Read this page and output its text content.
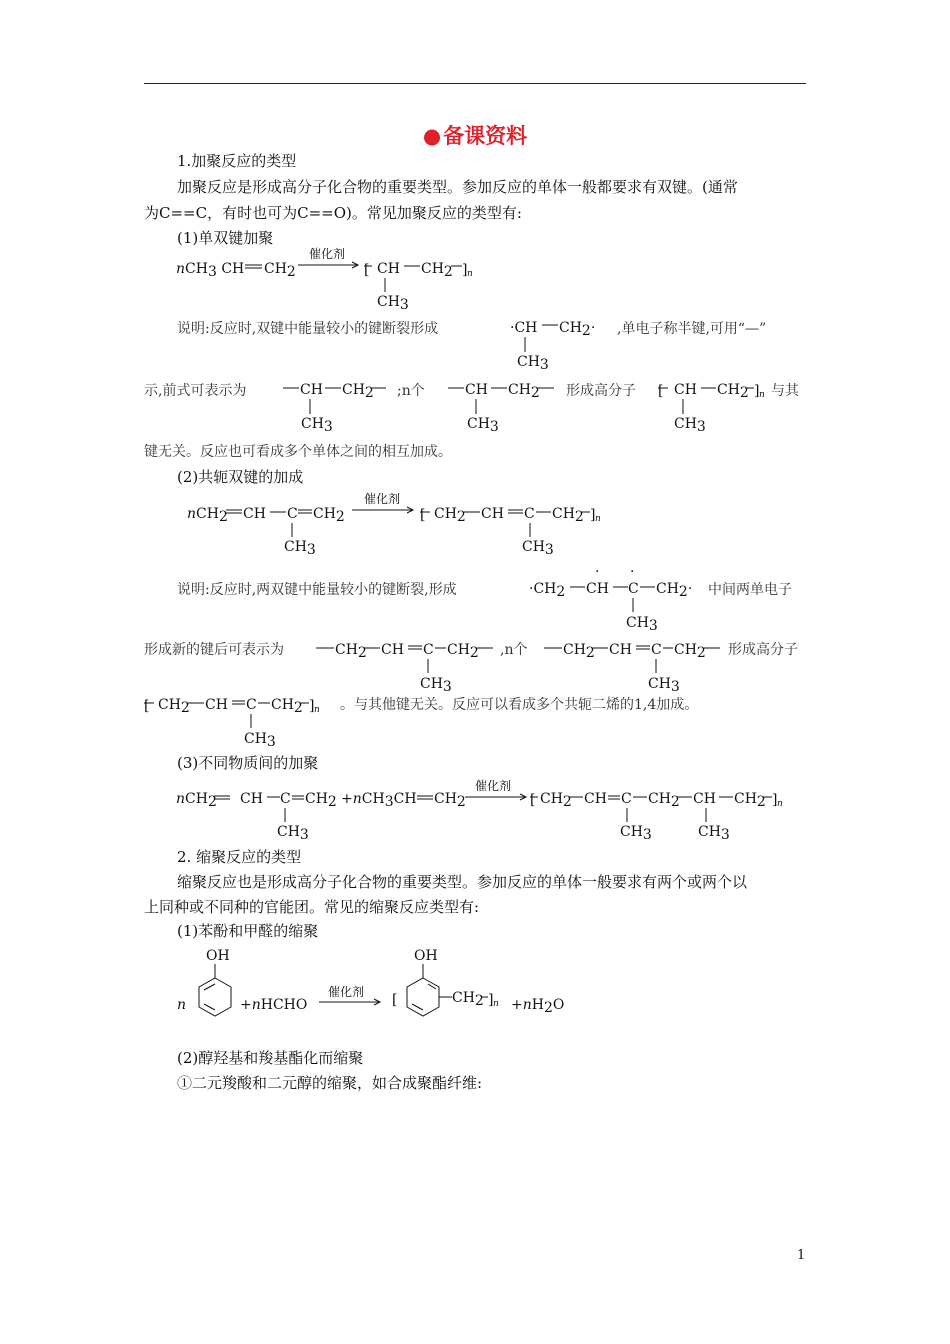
●备课资料
1.加聚反应的类型
加聚反应是形成高分子化合物的重要类型。参加反应的单体一般都要求有双键。(通常
为C==C，有时也可为C==O)。常见加聚反应的类型有:
(1)单双键加聚
说明:反应时,双键中能量较小的键断裂形成	,单电子称半键,可用“—”
示,前式可表示为	;n个	形成高分子	与其
键无关。反应也可看成多个单体之间的相互加成。
(2)共轭双键的加成
说明:反应时,两双键中能量较小的键断裂,形成	中间两单电子
形成新的键后可表示为	,n个	形成高分子
。与其他键无关。反应可以看成多个共轭二烯的1,4加成。
(3)不同物质间的加聚
2. 缩聚反应的类型
缩聚反应也是形成高分子化合物的重要类型。参加反应的单体一般要求有两个或两个以
上同种或不同种的官能团。常见的缩聚反应类型有:
(1)苯酚和甲醛的缩聚
(2)醇羟基和羧基酯化而缩聚
①二元羧酸和二元醇的缩聚，如合成聚酯纤维:
1
nCH3 CH CH2
催化剂
[ CH CH2 ] n
CH3
·CH CH2·
CH3
CH CH2
CH3
CH CH2
CH3
[ CH CH2 ] n
CH3
nCH2 CH C CH2
CH3
催化剂
[ CH2 CH C CH2 ] n
CH3
·CH2 CH C CH2·
· ·
CH3
CH2 CH C CH2
CH3
CH2 CH C CH2
CH3
[ CH2 CH C CH2 ] n
CH3
nCH2 CH C CH2
CH3
+nCH3CH CH2
催化剂
[ CH2 CH C CH2 CH CH2 ] n
CH3	CH3
n
OH
+nHCHO
催化剂 [
OH
CH2 ] n +nH2O
